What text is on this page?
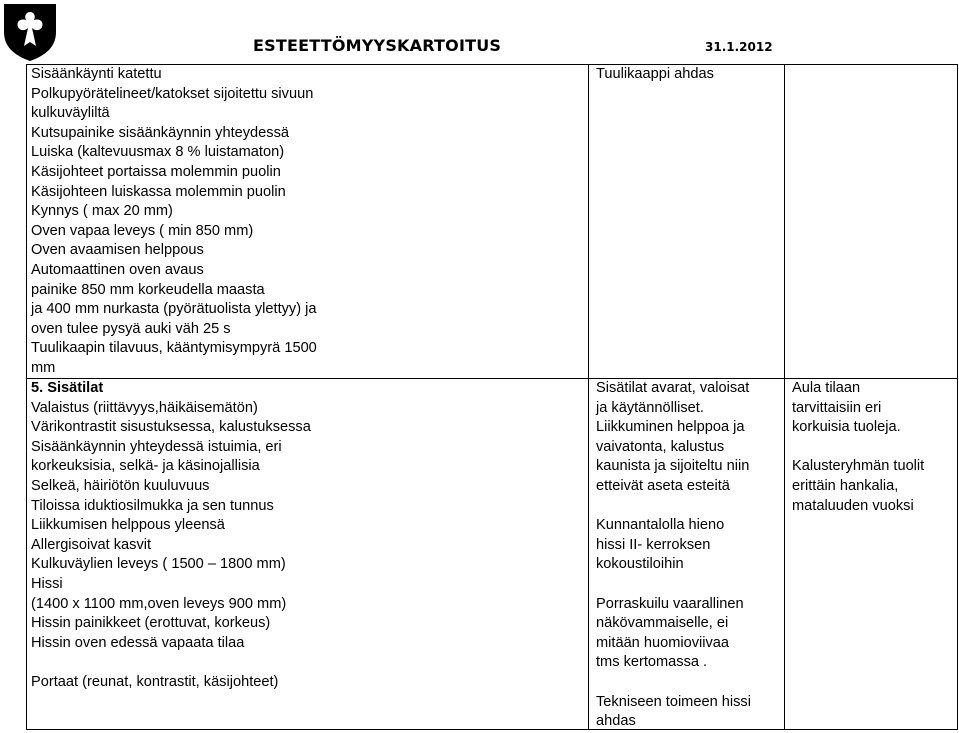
ESTEETTÖMYYSKARTOITUS	31.1.2012
Sisäänkäynti katettu
Polkupyörätelineet/katokset sijoitettu sivuun
kulkuväyliltä
Kutsupainike sisäänkäynnin yhteydessä
Luiska (kaltevuusmax 8 % luistamaton)
Käsijohteet portaissa molemmin puolin
Käsijohteen luiskassa molemmin puolin
Kynnys ( max 20 mm)
Oven vapaa leveys ( min 850 mm)
Oven avaamisen helppous
Automaattinen oven avaus
painike 850 mm korkeudella maasta
ja 400 mm nurkasta (pyörätuolista ylettyy) ja
oven tulee pysyä auki väh 25 s
Tuulikaapin tilavuus, kääntymisympyrä 1500
mm
Tuulikaappi ahdas
5. Sisätilat
Valaistus (riittävyys,häikäisemätön)
Värikontrastit sisustuksessa, kalustuksessa
Sisäänkäynnin yhteydessä istuimia, eri
korkeuksisia, selkä- ja käsinojallisia
Selkeä, häiriötön kuuluvuus
Tiloissa iduktiosilmukka ja sen tunnus
Liikkumisen helppous yleensä
Allergisoivat kasvit
Kulkuväylien leveys ( 1500 – 1800 mm)
Hissi
(1400 x 1100 mm,oven leveys 900 mm)
Hissin painikkeet (erottuvat, korkeus)
Hissin oven edessä vapaata tilaa
Portaat (reunat, kontrastit, käsijohteet)
Sisätilat avarat, valoisat
ja käytännölliset.
Liikkuminen helppoa ja
vaivatonta, kalustus
kaunista ja sijoiteltu niin
etteivät aseta esteitä
Kunnantalolla hieno
hissi II- kerroksen
kokoustiloihin
Porraskuilu vaarallinen
näkövammaiselle, ei
mitään huomioviivaa
tms kertomassa .
Tekniseen toimeen hissi
ahdas
Aula tilaan
tarvittaisiin eri
korkuisia tuoleja.
Kalusteryhmän tuolit
erittäin hankalia,
mataluuden vuoksi
